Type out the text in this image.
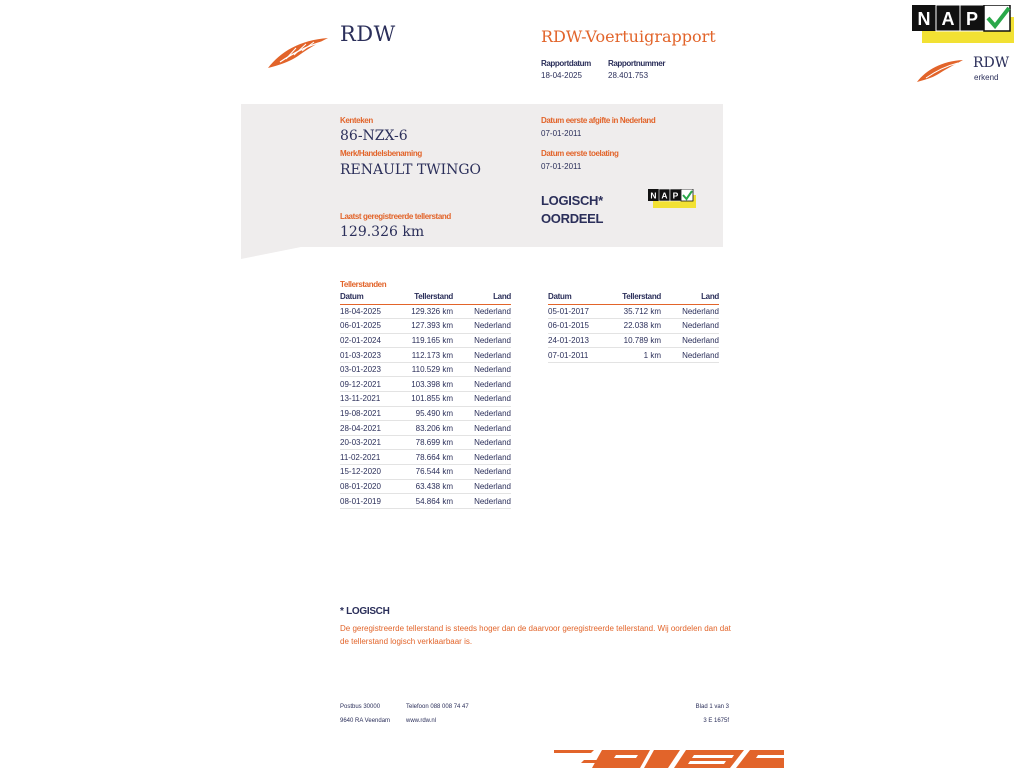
RDW	RDW-Voertuigrapport
Rapportdatum
18-04-2025
Rapportnummer
28.401.753
N A P
RDW
erkend
Kenteken
86-NZX-6
Merk/Handelsbenaming
RENAULT TWINGO
Datum eerste afgifte in Nederland
07-01-2011
Datum eerste toelating
07-01-2011
LOGISCH*
OORDEEL
N A P
Laatst geregistreerde tellerstand
129.326 km
Tellerstanden
Datum	Tellerstand	Land
18-04-2025	129.326 km	Nederland
06-01-2025	127.393 km	Nederland
02-01-2024	119.165 km	Nederland
01-03-2023	112.173 km	Nederland
03-01-2023	110.529 km	Nederland
09-12-2021	103.398 km	Nederland
13-11-2021	101.855 km	Nederland
19-08-2021	95.490 km	Nederland
28-04-2021	83.206 km	Nederland
20-03-2021	78.699 km	Nederland
11-02-2021	78.664 km	Nederland
15-12-2020	76.544 km	Nederland
08-01-2020	63.438 km	Nederland
08-01-2019	54.864 km	Nederland
Datum	Tellerstand	Land
05-01-2017	35.712 km	Nederland
06-01-2015	22.038 km	Nederland
24-01-2013	10.789 km	Nederland
07-01-2011	1 km	Nederland
* LOGISCH
De geregistreerde tellerstand is steeds hoger dan de daarvoor geregistreerde tellerstand. Wij oordelen dan dat de tellerstand logisch verklaarbaar is.
Postbus 30000
9640 RA Veendam
Telefoon 088 008 74 47
www.rdw.nl
Blad 1 van 3
3 E 1675f
